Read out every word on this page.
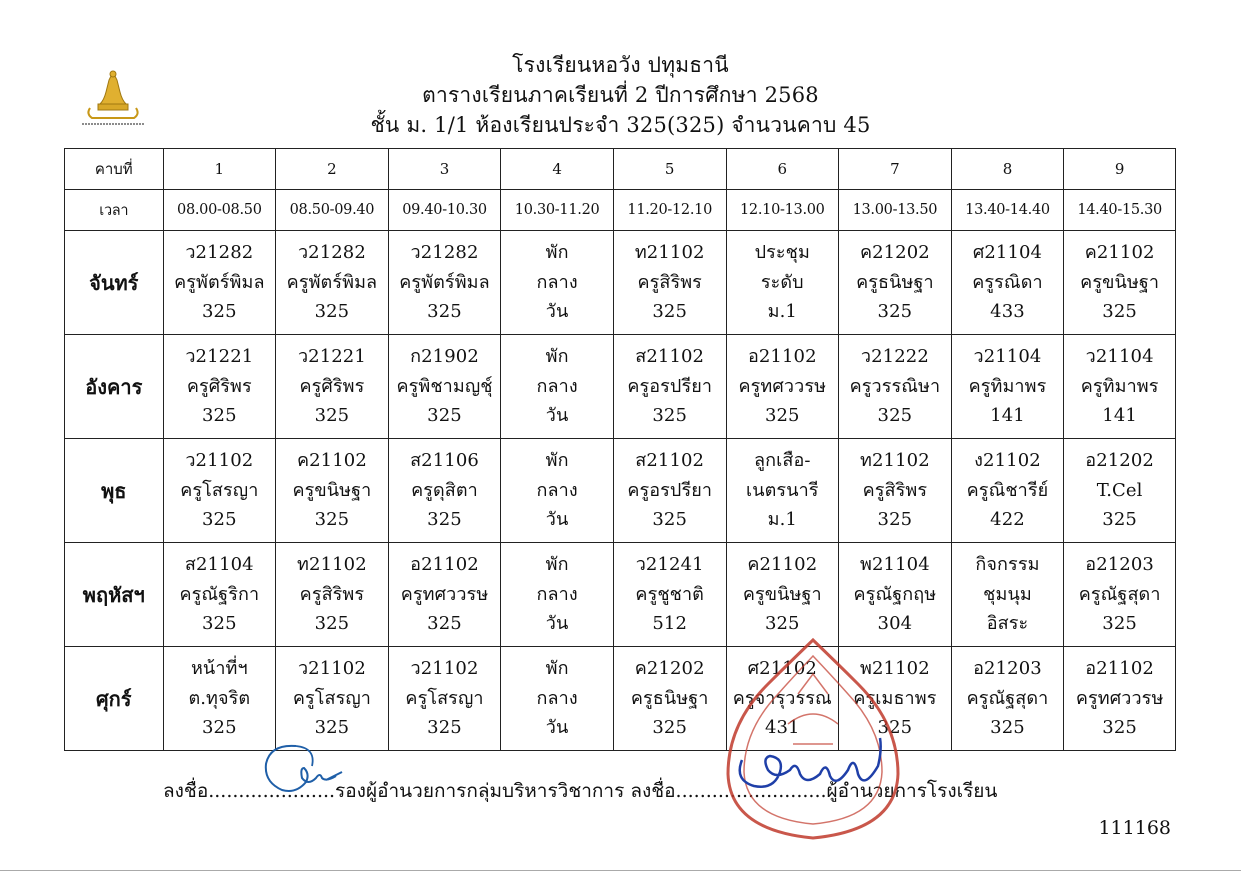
โรงเรียนหอวัง ปทุมธานี
ตารางเรียนภาคเรียนที่ 2 ปีการศึกษา 2568
ชั้น ม. 1/1 ห้องเรียนประจำ 325(325) จำนวนคาบ 45
คาบที่	1	2	3	4	5	6	7	8	9
เวลา	08.00-08.50	08.50-09.40	09.40-10.30	10.30-11.20	11.20-12.10	12.10-13.00	13.00-13.50	13.40-14.40	14.40-15.30
จันทร์	ว21282
ครูพัตร์พิมล
325	ว21282
ครูพัตร์พิมล
325	ว21282
ครูพัตร์พิมล
325	พัก
กลาง
วัน	ท21102
ครูสิริพร
325	ประชุม
ระดับ
ม.1	ค21202
ครูธนิษฐา
325	ศ21104
ครูรณิดา
433	ค21102
ครูขนิษฐา
325

อังคาร	ว21221
ครูศิริพร
325	ว21221
ครูศิริพร
325	ก21902
ครูพิชามญชุ์
325	พัก
กลาง
วัน	ส21102
ครูอรปรียา
325	อ21102
ครูทศววรษ
325	ว21222
ครูวรรณิษา
325	ว21104
ครูทิมาพร
141	ว21104
ครูทิมาพร
141

พุธ	ว21102
ครูโสรญา
325	ค21102
ครูขนิษฐา
325	ส21106
ครูดุสิตา
325	พัก
กลาง
วัน	ส21102
ครูอรปรียา
325	ลูกเสือ-
เนตรนารี
ม.1	ท21102
ครูสิริพร
325	ง21102
ครูณิชารีย์
422	อ21202
T.Cel
325

พฤหัสฯ	ส21104
ครูณัฐริกา
325	ท21102
ครูสิริพร
325	อ21102
ครูทศววรษ
325	พัก
กลาง
วัน	ว21241
ครูชูชาติ
512	ค21102
ครูขนิษฐา
325	พ21104
ครูณัฐกฤษ
304	กิจกรรม
ชุมนุม
อิสระ	อ21203
ครูณัฐสุดา
325

ศุกร์	หน้าที่ฯ
ต.ทุจริต
325	ว21102
ครูโสรญา
325	ว21102
ครูโสรญา
325	พัก
กลาง
วัน	ค21202
ครูธนิษฐา
325	ศ21102
ครูจารุวรรณ
431	พ21102
ครูเมธาพร
325	อ21203
ครูณัฐสุดา
325	อ21102
ครูทศววรษ
325
ลงชื่อ.....................รองผู้อำนวยการกลุ่มบริหารวิชาการ ลงชื่อ.........................ผู้อำนวยการโรงเรียน
111168
